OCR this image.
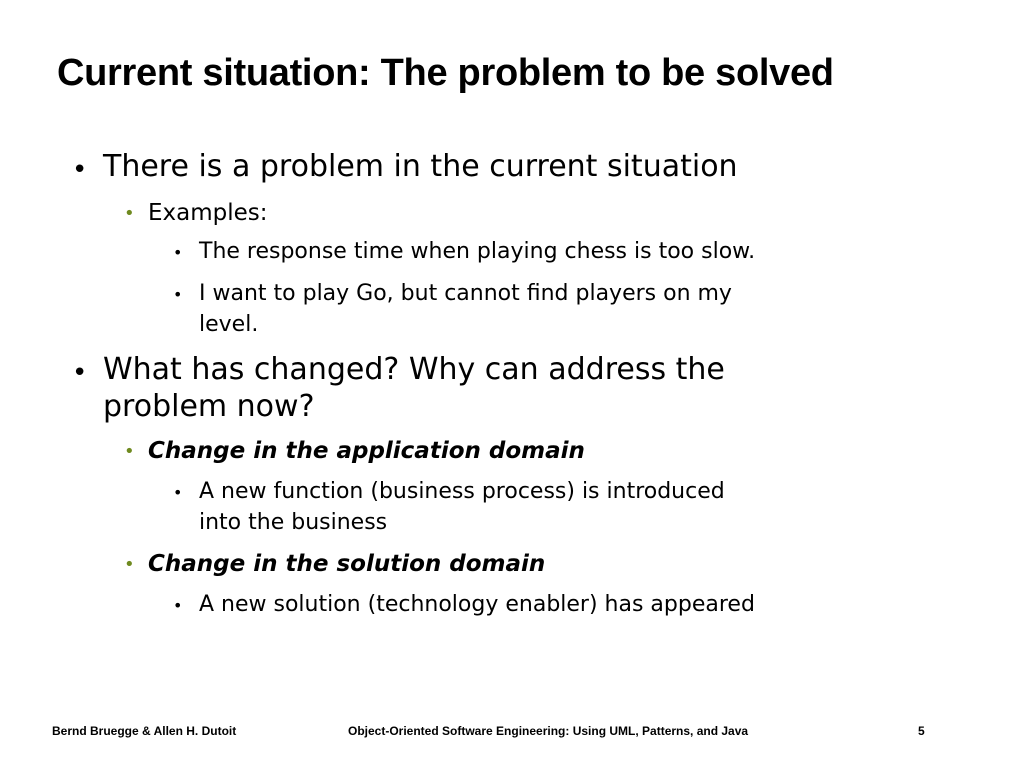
Current situation: The problem to be solved
• There is a problem in the current situation
• Examples:
• The response time when playing chess is too slow.
• I want to play Go, but cannot find players on my
level.
• What has changed? Why can address the
problem now?
• Change in the application domain
• A new function (business process) is introduced
into the business
• Change in the solution domain
• A new solution (technology enabler) has appeared
Bernd Bruegge & Allen H. Dutoit	Object-Oriented Software Engineering: Using UML, Patterns, and Java	5
